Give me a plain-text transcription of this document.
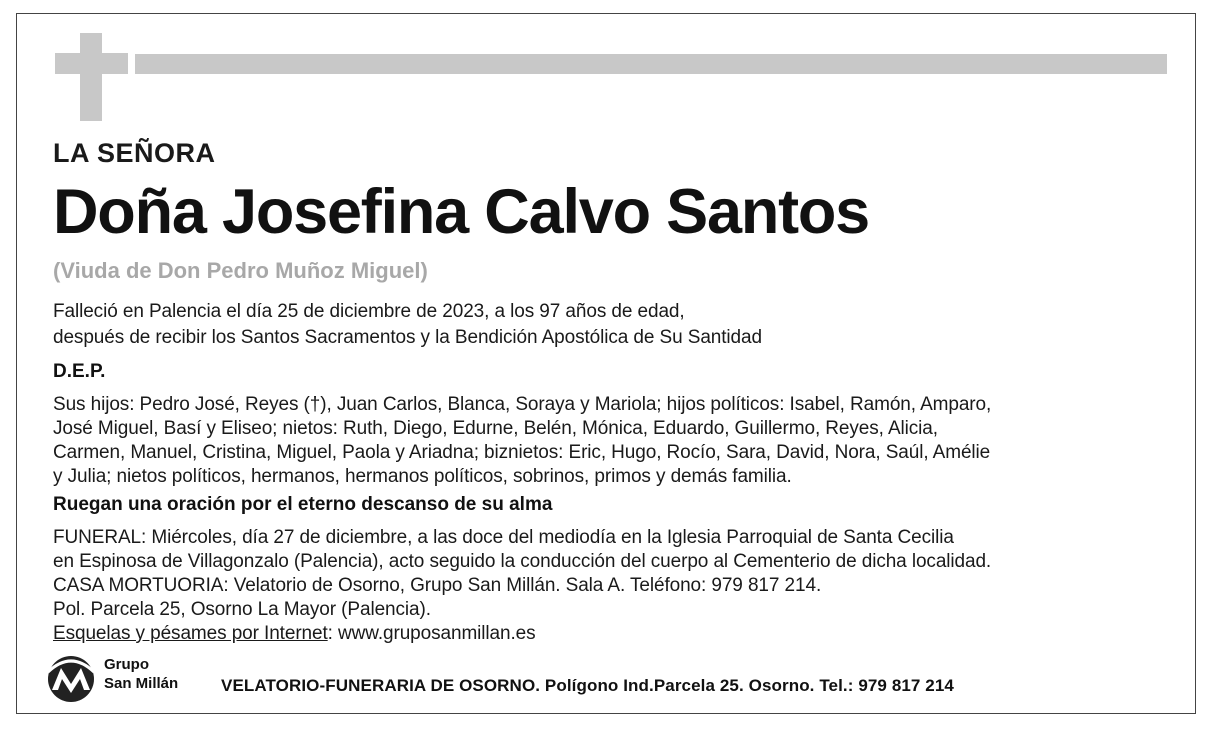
LA SEÑORA
Doña Josefina Calvo Santos
(Viuda de Don Pedro Muñoz Miguel)
Falleció en Palencia el día 25 de diciembre de 2023, a los 97 años de edad,
después de recibir los Santos Sacramentos y la Bendición Apostólica de Su Santidad
D.E.P.
Sus hijos: Pedro José, Reyes (†), Juan Carlos, Blanca, Soraya y Mariola; hijos políticos: Isabel, Ramón, Amparo,
José Miguel, Basí y Eliseo; nietos: Ruth, Diego, Edurne, Belén, Mónica, Eduardo, Guillermo, Reyes, Alicia,
Carmen, Manuel, Cristina, Miguel, Paola y Ariadna; biznietos: Eric, Hugo, Rocío, Sara, David, Nora, Saúl, Amélie
y Julia; nietos políticos, hermanos, hermanos políticos, sobrinos, primos y demás familia.
Ruegan una oración por el eterno descanso de su alma
FUNERAL: Miércoles, día 27 de diciembre, a las doce del mediodía en la Iglesia Parroquial de Santa Cecilia
en Espinosa de Villagonzalo (Palencia), acto seguido la conducción del cuerpo al Cementerio de dicha localidad.
CASA MORTUORIA: Velatorio de Osorno, Grupo San Millán. Sala A. Teléfono: 979 817 214.
Pol. Parcela 25, Osorno La Mayor (Palencia).
Esquelas y pésames por Internet: www.gruposanmillan.es
Grupo
San Millán	VELATORIO-FUNERARIA DE OSORNO. Polígono Ind.Parcela 25. Osorno. Tel.: 979 817 214
